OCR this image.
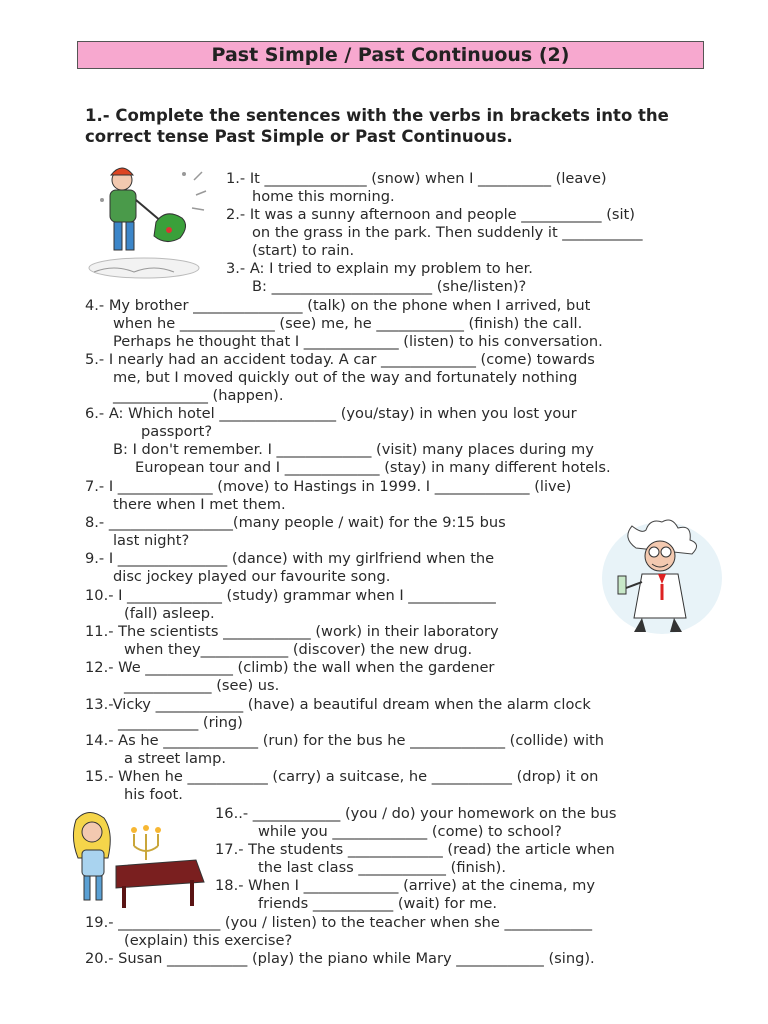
Past Simple / Past Continuous (2)
1.- Complete the sentences with the verbs in brackets into the correct tense Past Simple or Past Continuous.
1.- It ______________ (snow) when I __________ (leave)
home this morning.
2.- It was a sunny afternoon and people ___________ (sit)
on the grass in the park. Then suddenly it ___________
(start) to rain.
3.- A: I tried to explain my problem to her.
B: ______________________ (she/listen)?
4.- My brother _______________ (talk) on the phone when I arrived, but
when he _____________ (see) me, he ____________ (finish) the call.
Perhaps he thought that I _____________ (listen) to his conversation.
5.- I nearly had an accident today. A car _____________ (come) towards
me, but I moved quickly out of the way and fortunately nothing
_____________ (happen).
6.- A: Which hotel ________________ (you/stay) in when you lost your
passport?
B: I don't remember. I _____________ (visit) many places during my
European tour and I _____________ (stay) in many different hotels.
7.- I _____________ (move) to Hastings in 1999. I _____________ (live)
there when I met them.
8.- _________________(many people / wait) for the 9:15 bus
last night?
9.- I _______________ (dance) with my girlfriend when the
disc jockey played our favourite song.
10.- I _____________ (study) grammar when I ____________
(fall) asleep.
11.- The scientists ____________ (work) in their laboratory
when they____________ (discover) the new drug.
12.- We ____________ (climb) the wall when the gardener
____________ (see) us.
13.-Vicky ____________ (have) a beautiful dream when the alarm clock
___________ (ring)
14.- As he _____________ (run) for the bus he _____________ (collide) with
a street lamp.
15.- When he ___________ (carry) a suitcase, he ___________ (drop) it on
his foot.
16..- ____________ (you / do) your homework on the bus
while you _____________ (come) to school?
17.- The students _____________ (read) the article when
the last class ____________ (finish).
18.- When I _____________ (arrive) at the cinema, my
friends ___________ (wait) for me.
19.- ______________ (you / listen) to the teacher when she ____________
(explain) this exercise?
20.- Susan ___________ (play) the piano while Mary ____________ (sing).
